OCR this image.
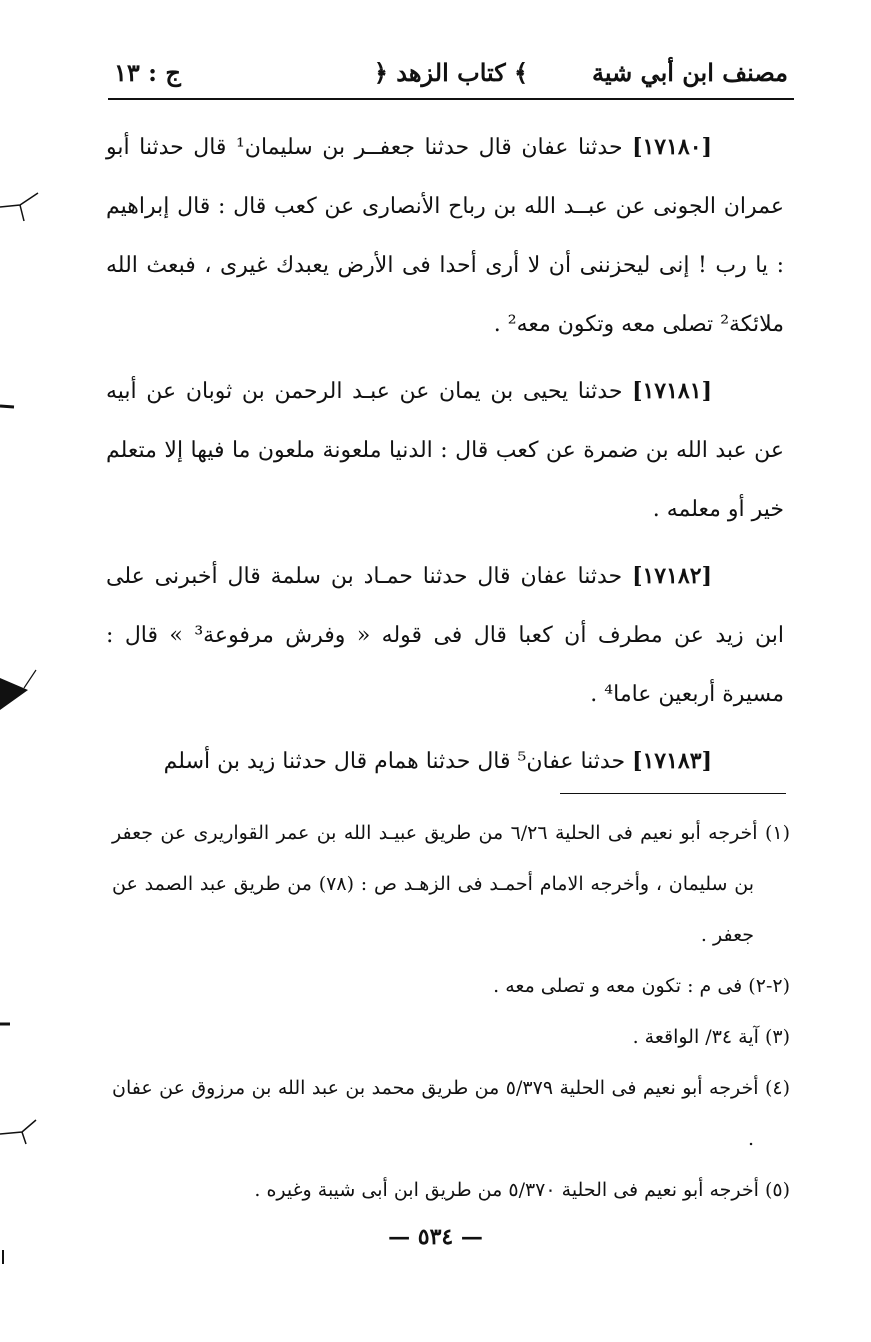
مصنف ابن أبي شية
﴿ كتاب الزهد ﴾
ج : ١٣

[١٧١٨٠] حدثنا عفان قال حدثنا جعفــر بن سليمان¹ قال حدثنا أبو عمران الجونى عن عبــد الله بن رباح الأنصارى عن كعب قال : قال إبراهيم : يا رب ! إنى ليحزننى أن لا أرى أحدا فى الأرض يعبدك غيرى ، فبعث الله ملائكة² تصلى معه وتكون معه² .

[١٧١٨١] حدثنا يحيى بن يمان عن عبـد الرحمن بن ثوبان عن أبيه عن عبد الله بن ضمرة عن كعب قال : الدنيا ملعونة ملعون ما فيها إلا متعلم خير أو معلمه .

[١٧١٨٢] حدثنا عفان قال حدثنا حمـاد بن سلمة قال أخبرنى على ابن زيد عن مطرف أن كعبا قال فى قوله « وفرش مرفوعة³ » قال : مسيرة أربعين عاما⁴ .

[١٧١٨٣] حدثنا عفان⁵ قال حدثنا همام قال حدثنا زيد بن أسلم

(١) أخرجه أبو نعيم فى الحلية ٦/٢٦ من طريق عبيـد الله بن عمر القواريرى عن جعفر بن سليمان ، وأخرجه الامام أحمـد فى الزهـد ص : (٧٨) من طريق عبد الصمد عن جعفر .

(٢-٢) فى م : تكون معه و تصلى معه .

(٣) آية ٣٤/ الواقعة .

(٤) أخرجه أبو نعيم فى الحلية ٥/٣٧٩ من طريق محمد بن عبد الله بن مرزوق عن عفان .

(٥) أخرجه أبو نعيم فى الحلية ٥/٣٧٠ من طريق ابن أبى شيبة وغيره .

— ٥٣٤ —
